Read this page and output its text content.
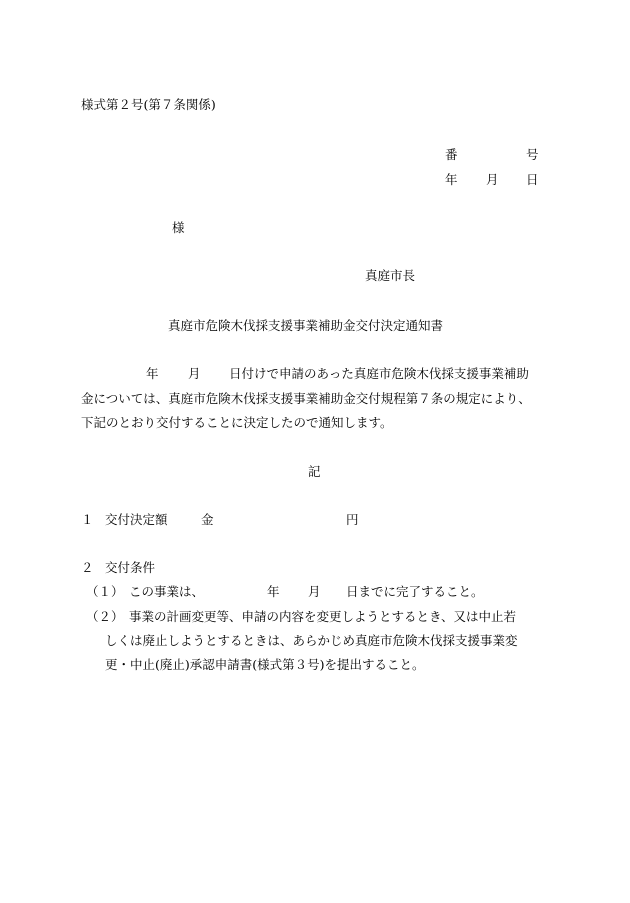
様式第２号(第７条関係)
番	号
年 月 日
様
真庭市長
真庭市危険木伐採支援事業補助金交付決定通知書
年 月 日付けで申請のあった真庭市危険木伐採支援事業補助
金については、真庭市危険木伐採支援事業補助金交付規程第７条の規定により、
下記のとおり交付することに決定したので通知します。
記
１ 交付決定額	金	円
２ 交付条件
（１） この事業は、	年 月 日までに完了すること。
（２） 事業の計画変更等、申請の内容を変更しようとするとき、又は中止若
しくは廃止しようとするときは、あらかじめ真庭市危険木伐採支援事業変
更・中止(廃止)承認申請書(様式第３号)を提出すること。
